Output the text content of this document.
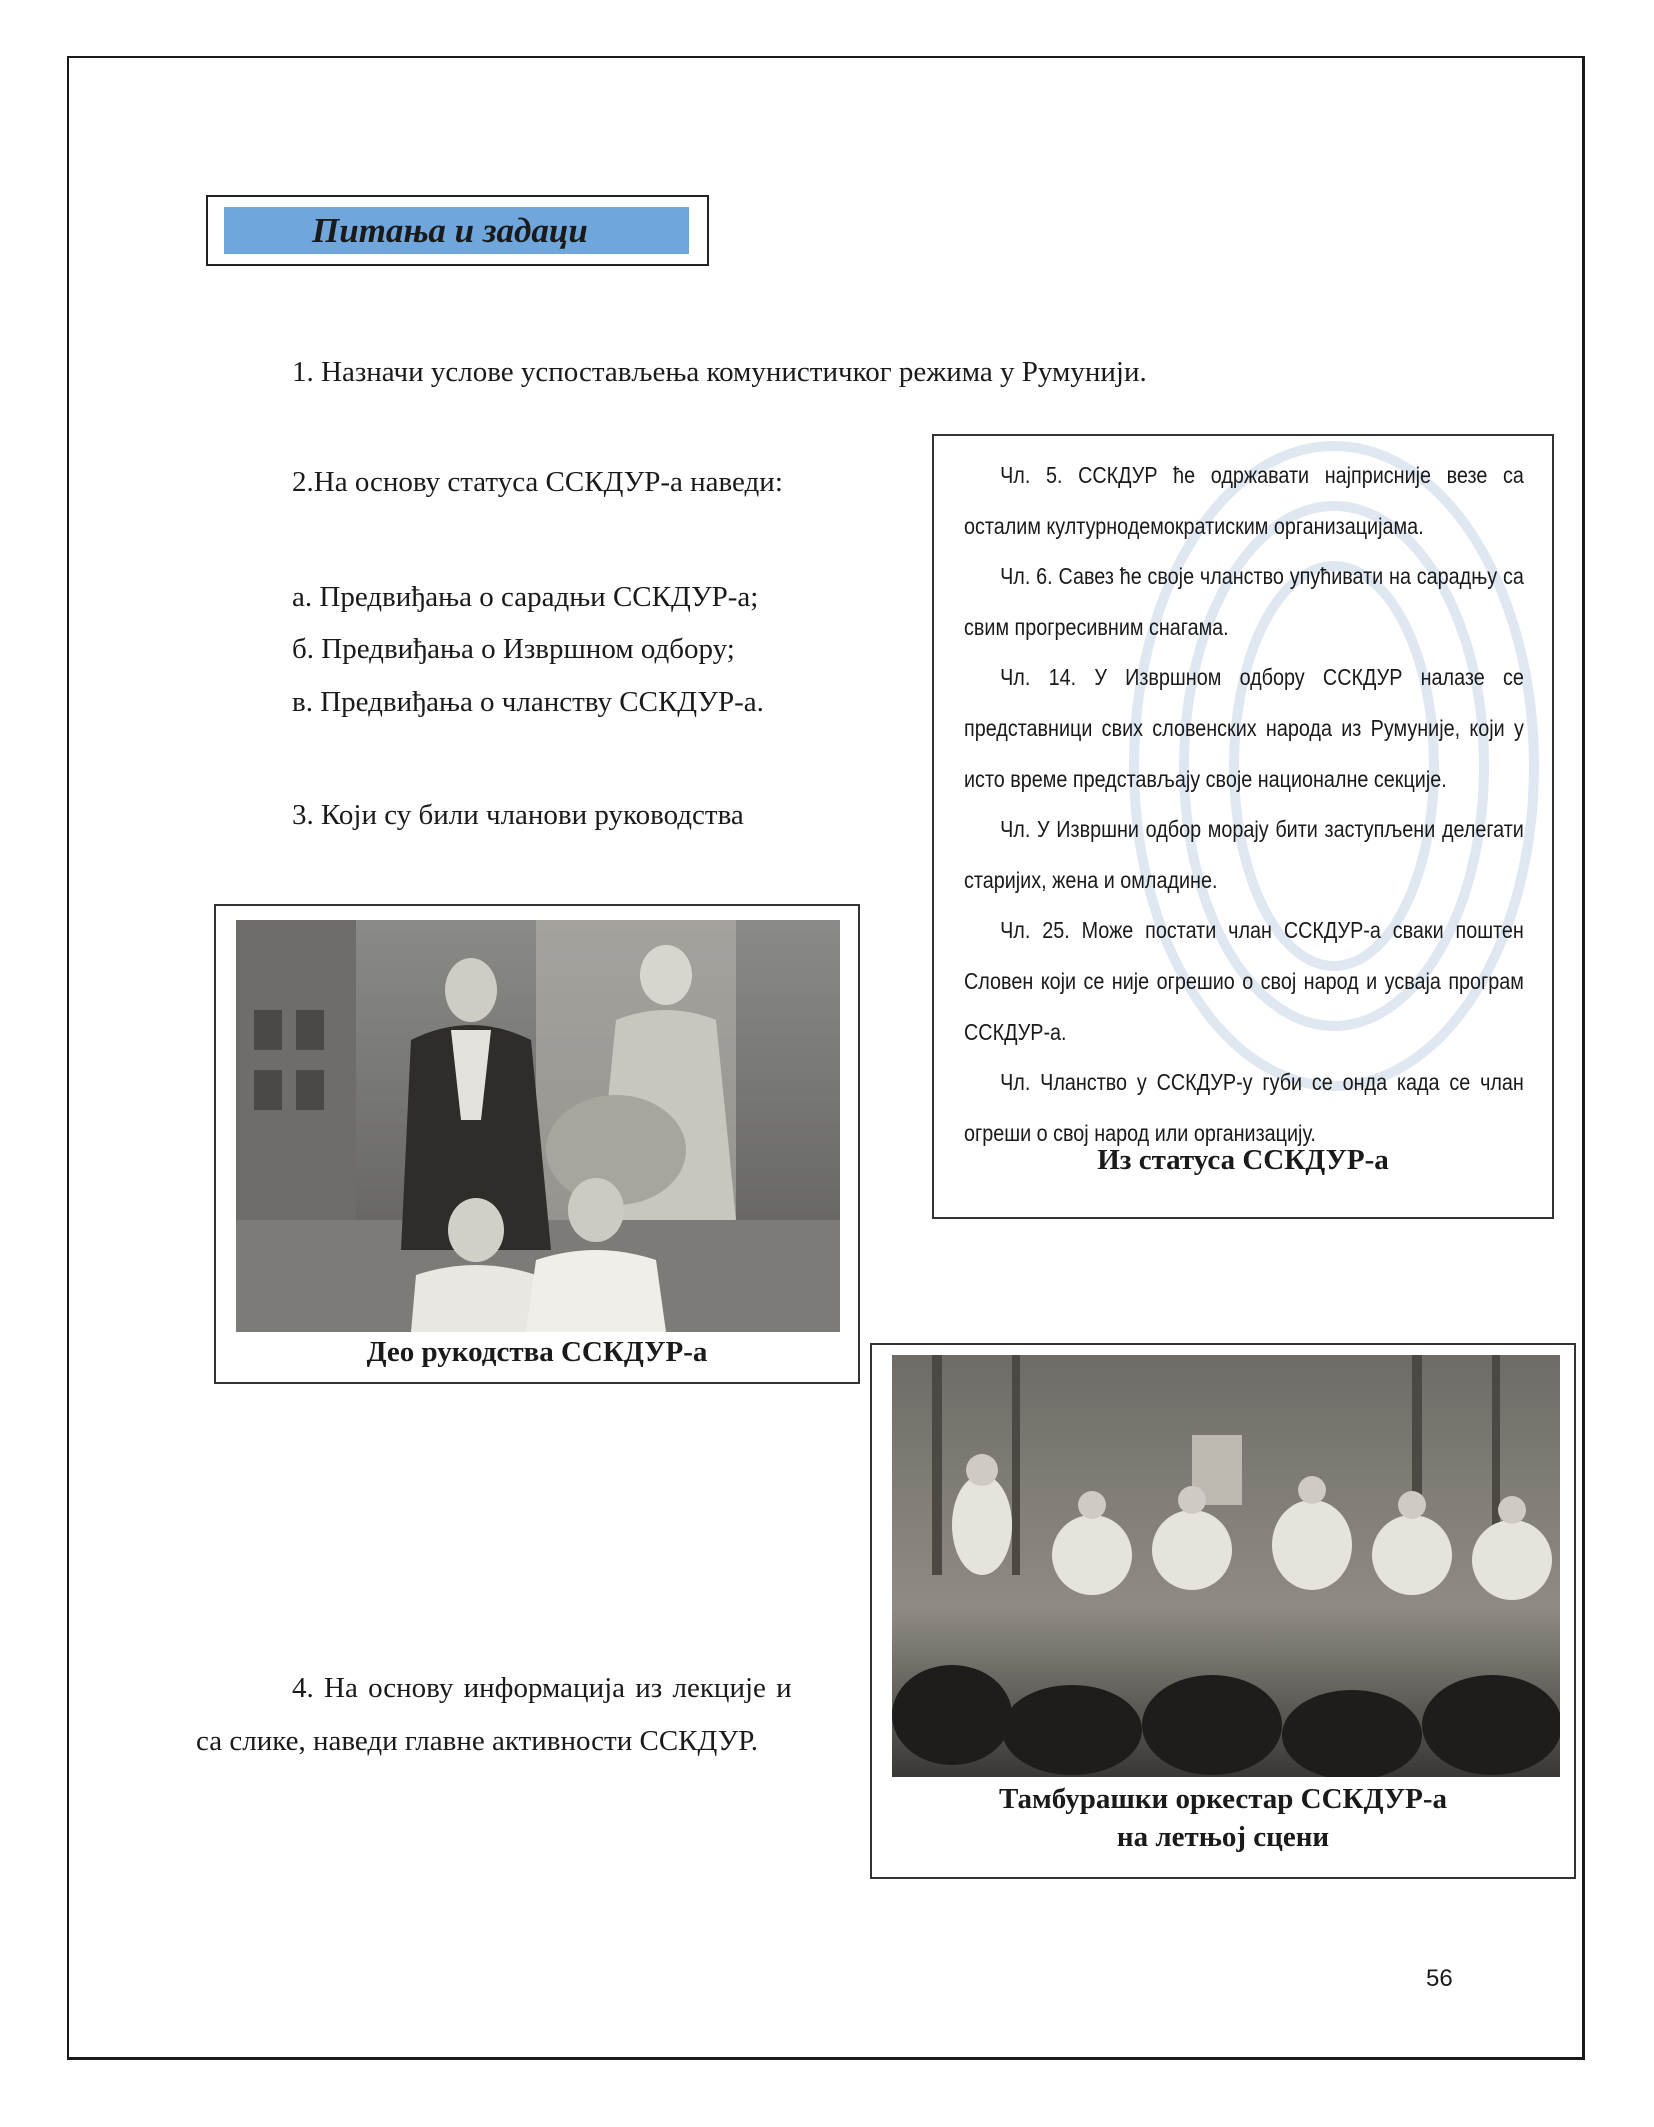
Питања и задаци
1. Назначи услове успостављења комунистичког режима у Румунији.
2.На основу статуса ССКДУР-а наведи:
а. Предвиђања о сарадњи ССКДУР-а;
б. Предвиђања о Извршном одбору;
в. Предвиђања о чланству ССКДУР-а.
3. Који су били чланови руководства
4. На основу информација из лекције и
са слике, наведи главне активности ССКДУР.
Чл. 5. ССКДУР ће одржавати најприсније везе са осталим културнодемократиским организацијама.
Чл. 6. Савез ће своје чланство упућивати на сарадњу са свим прогресивним снагама.
Чл. 14. У Извршном одбору ССКДУР налазе се представници свих словенских народа из Румуније, који у исто време представљају своје националне секције.
Чл. У Извршни одбор морају бити заступљени делегати старијих, жена и омладине.
Чл. 25. Може постати члан ССКДУР-а сваки поштен Словен који се није огрешио о свој народ и усваја програм ССКДУР-а.
Чл. Чланство у ССКДУР-у губи се онда када се члан огреши о свој народ или организацију.
Из статуса ССКДУР-а
Део рукодства ССКДУР-а
Тамбурашки оркестар ССКДУР-а
на летњој сцени
56
